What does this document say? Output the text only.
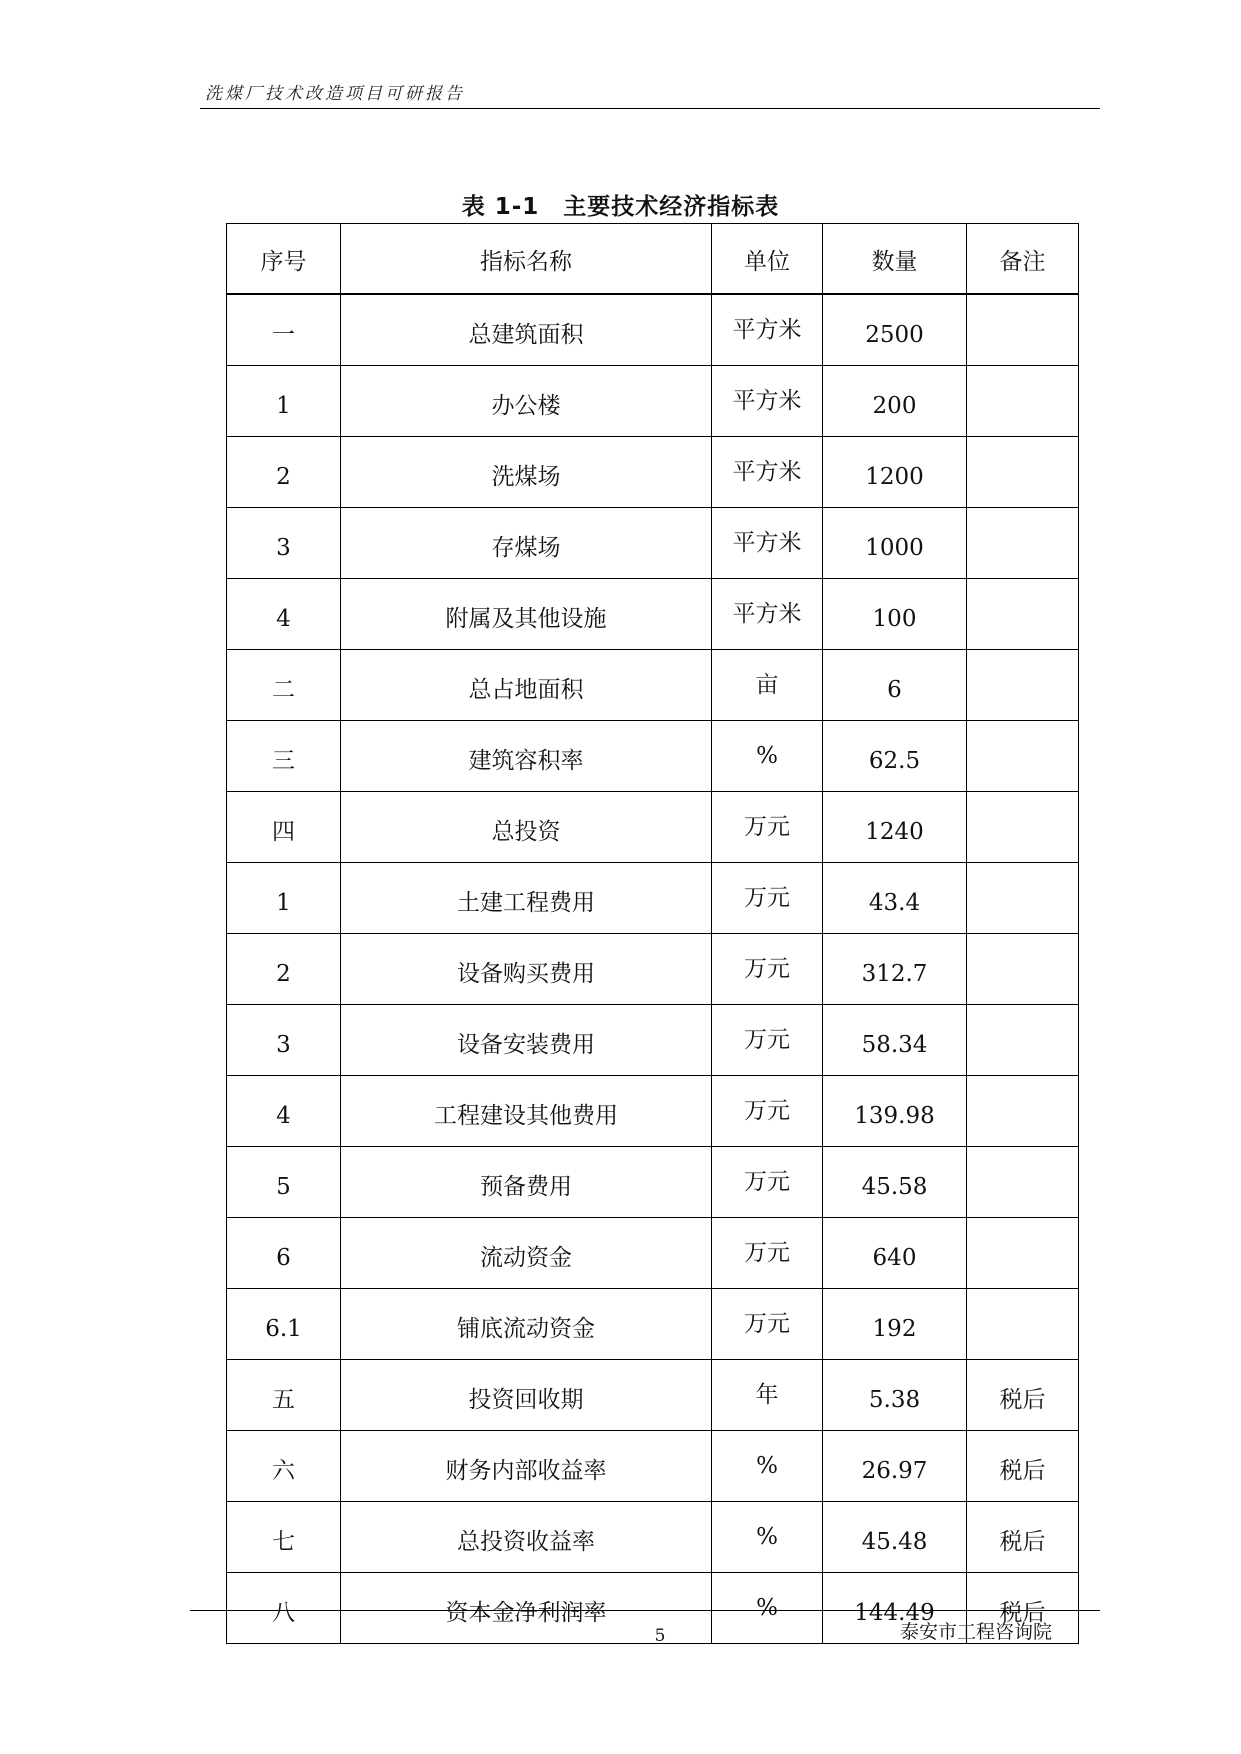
洗煤厂技术改造项目可研报告
表 1-1　主要技术经济指标表
序号	指标名称	单位	数量	备注
一	总建筑面积	平方米	2500	
1	办公楼	平方米	200	
2	洗煤场	平方米	1200	
3	存煤场	平方米	1000	
4	附属及其他设施	平方米	100	
二	总占地面积	亩	6	
三	建筑容积率	%	62.5	
四	总投资	万元	1240	
1	土建工程费用	万元	43.4	
2	设备购买费用	万元	312.7	
3	设备安装费用	万元	58.34	
4	工程建设其他费用	万元	139.98	
5	预备费用	万元	45.58	
6	流动资金	万元	640	
6.1	铺底流动资金	万元	192	
五	投资回收期	年	5.38	税后
六	财务内部收益率	%	26.97	税后
七	总投资收益率	%	45.48	税后
八	资本金净利润率	%	144.49	税后
5	泰安市工程咨询院
